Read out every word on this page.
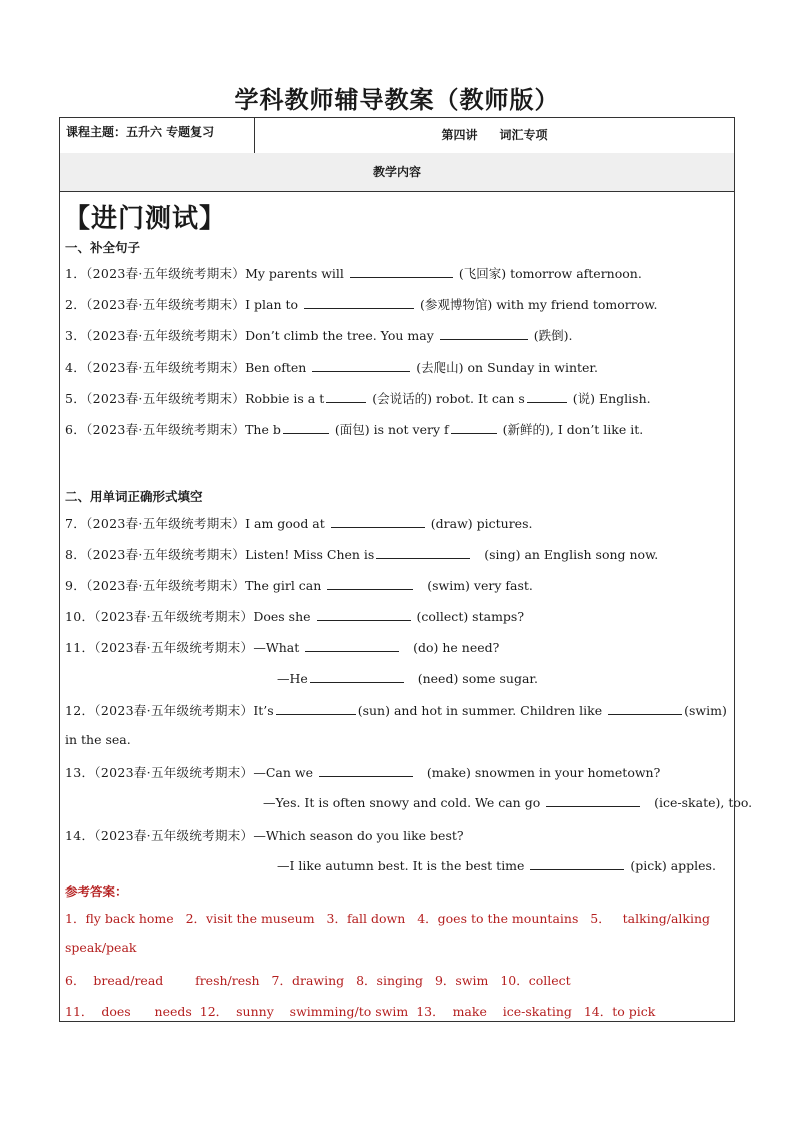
学科教师辅导教案（教师版）
课程主题：五升六 专题复习	第四讲 词汇专项
教学内容
【进门测试】
一、补全句子
1．（2023春·五年级统考期末）My parents will	(飞回家) tomorrow afternoon.
2．（2023春·五年级统考期末）I plan to	(参观博物馆) with my friend tomorrow.
3．（2023春·五年级统考期末）Don’t climb the tree. You may	(跌倒).
4．（2023春·五年级统考期末）Ben often	(去爬山) on Sunday in winter.
5．（2023春·五年级统考期末）Robbie is a t	(会说话的) robot. It can s	(说) English.
6．（2023春·五年级统考期末）The b	(面包) is not very f	(新鲜的), I don’t like it.
二、用单词正确形式填空
7．（2023春·五年级统考期末）I am good at	(draw) pictures.
8．（2023春·五年级统考期末）Listen! Miss Chen is	(sing) an English song now.
9．（2023春·五年级统考期末）The girl can	(swim) very fast.
10．（2023春·五年级统考期末）Does she	(collect) stamps?
11．（2023春·五年级统考期末）—What	(do) he need?
—He	(need) some sugar.
12．（2023春·五年级统考期末）It’s	(sun) and hot in summer. Children like	(swim)
in the sea.
13．（2023春·五年级统考期末）—Can we	(make) snowmen in your hometown?
—Yes. It is often snowy and cold. We can go	(ice-skate), too.
14．（2023春·五年级统考期末）—Which season do you like best?
—I like autumn best. It is the best time	(pick) apples.
参考答案：
1．fly back home 2．visit the museum 3．fall down 4．goes to the mountains 5． talking/alking
speak/peak
6． bread/read	fresh/resh 7．drawing 8．singing 9．swim 10．collect
11． does needs 12． sunny swimming/to swim 13． make ice-skating 14．to pick
